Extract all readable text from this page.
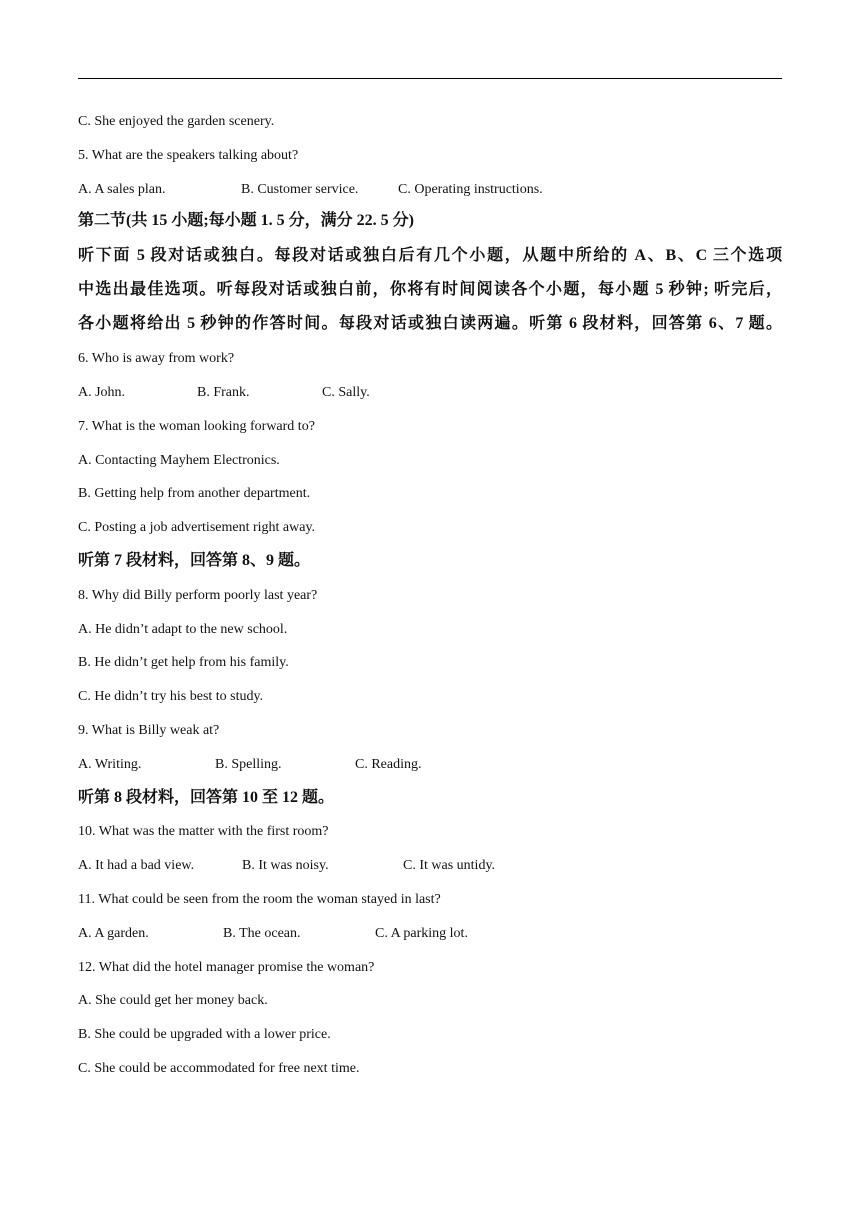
C. She enjoyed the garden scenery.
5. What are the speakers talking about?
A. A sales plan.	B. Customer service.	C. Operating instructions.
第二节(共 15 小题;每小题 1. 5 分，满分 22. 5 分)
听下面 5 段对话或独白。每段对话或独白后有几个小题，从题中所给的 A、B、C 三个选项
中选出最佳选项。听每段对话或独白前，你将有时间阅读各个小题，每小题 5 秒钟; 听完后，
各小题将给出 5 秒钟的作答时间。每段对话或独白读两遍。听第 6 段材料，回答第 6、7 题。
6. Who is away from work?
A. John.	B. Frank.	C. Sally.
7. What is the woman looking forward to?
A. Contacting Mayhem Electronics.
B. Getting help from another department.
C. Posting a job advertisement right away.
听第 7 段材料，回答第 8、9 题。
8. Why did Billy perform poorly last year?
A. He didn’t adapt to the new school.
B. He didn’t get help from his family.
C. He didn’t try his best to study.
9. What is Billy weak at?
A. Writing.	B. Spelling.	C. Reading.
听第 8 段材料，回答第 10 至 12 题。
10. What was the matter with the first room?
A. It had a bad view.	B. It was noisy.	C. It was untidy.
11. What could be seen from the room the woman stayed in last?
A. A garden.	B. The ocean.	C. A parking lot.
12. What did the hotel manager promise the woman?
A. She could get her money back.
B. She could be upgraded with a lower price.
C. She could be accommodated for free next time.
